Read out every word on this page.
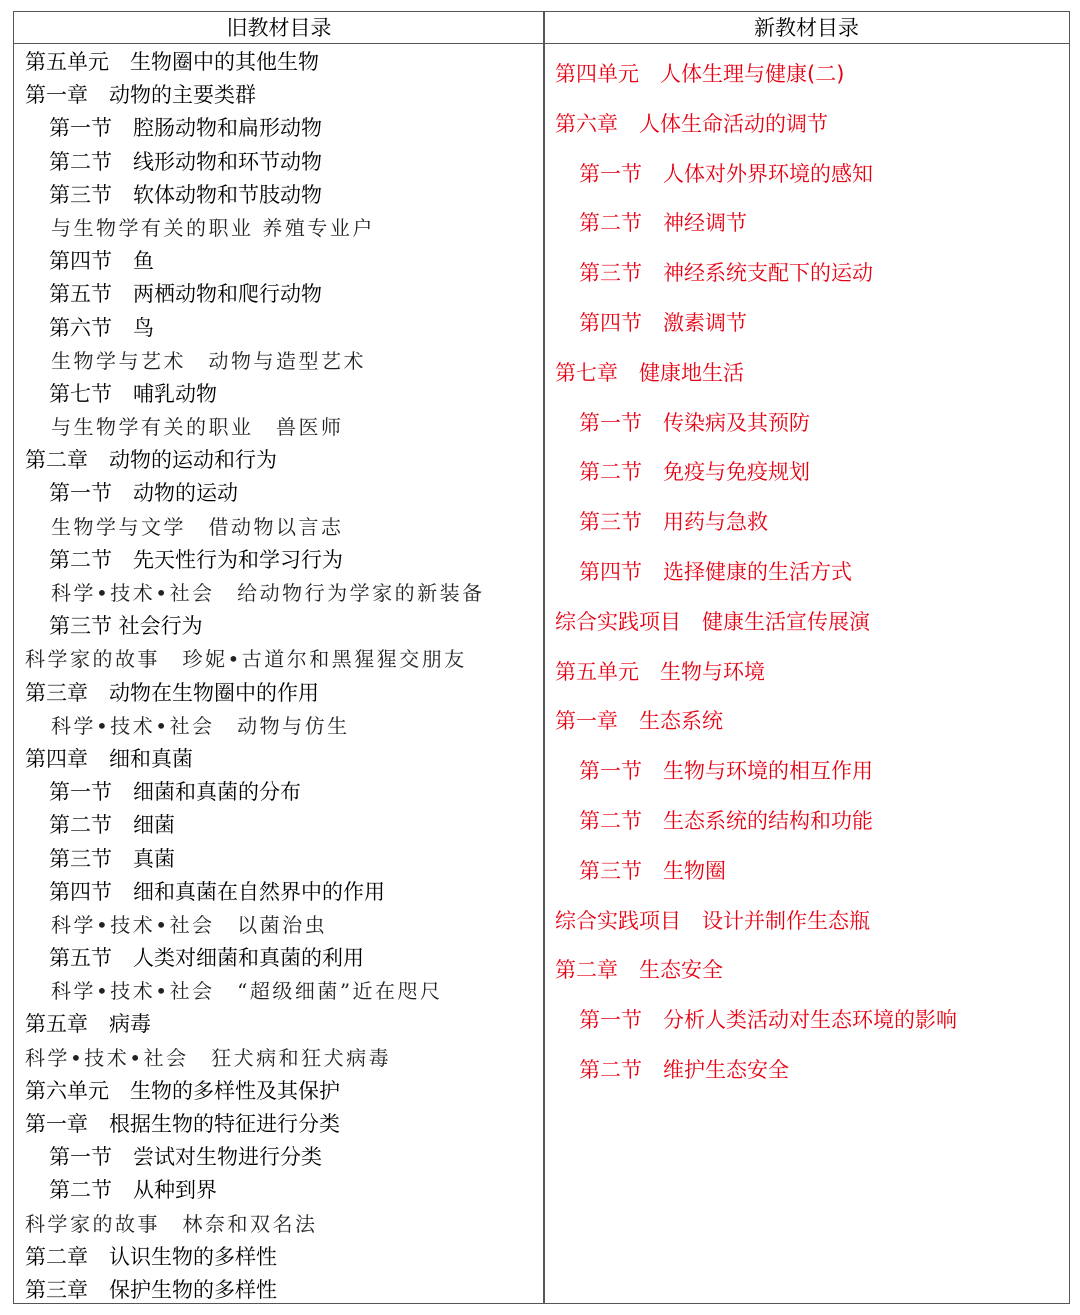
旧教材目录	新教材目录
第五单元　生物圈中的其他生物
第一章　动物的主要类群
第一节　腔肠动物和扁形动物
第二节　线形动物和环节动物
第三节　软体动物和节肢动物
与生物学有关的职业 养殖专业户
第四节　鱼
第五节　两栖动物和爬行动物
第六节　鸟
生物学与艺术　动物与造型艺术
第七节　哺乳动物
与生物学有关的职业　兽医师
第二章　动物的运动和行为
第一节　动物的运动
生物学与文学　借动物以言志
第二节　先天性行为和学习行为
科学•技术•社会　给动物行为学家的新装备
第三节 社会行为
科学家的故事　珍妮•古道尔和黑猩猩交朋友
第三章　动物在生物圈中的作用
科学•技术•社会　动物与仿生
第四章　细和真菌
第一节　细菌和真菌的分布
第二节　细菌
第三节　真菌
第四节　细和真菌在自然界中的作用
科学•技术•社会　以菌治虫
第五节　人类对细菌和真菌的利用
科学•技术•社会　“超级细菌”近在咫尺
第五章　病毒
科学•技术•社会　狂犬病和狂犬病毒
第六单元　生物的多样性及其保护
第一章　根据生物的特征进行分类
第一节　尝试对生物进行分类
第二节　从种到界
科学家的故事　林奈和双名法
第二章　认识生物的多样性
第三章　保护生物的多样性
第四单元　人体生理与健康(二)
第六章　人体生命活动的调节
第一节　人体对外界环境的感知
第二节　神经调节
第三节　神经系统支配下的运动
第四节　激素调节
第七章　健康地生活
第一节　传染病及其预防
第二节　免疫与免疫规划
第三节　用药与急救
第四节　选择健康的生活方式
综合实践项目　健康生活宣传展演
第五单元　生物与环境
第一章　生态系统
第一节　生物与环境的相互作用
第二节　生态系统的结构和功能
第三节　生物圈
综合实践项目　设计并制作生态瓶
第二章　生态安全
第一节　分析人类活动对生态环境的影响
第二节　维护生态安全
